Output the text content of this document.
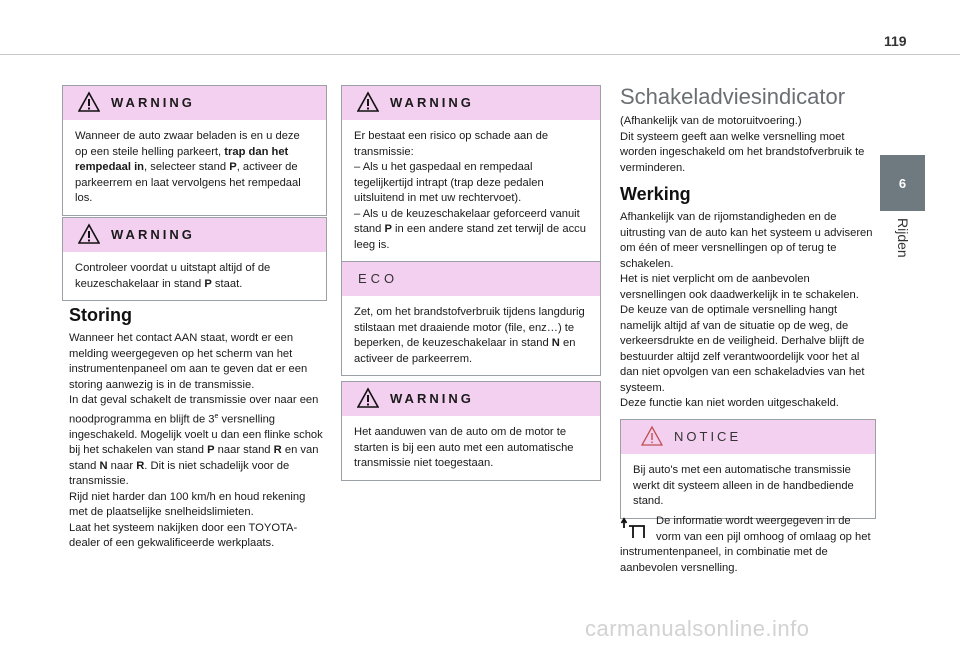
119
6
Rijden
WARNING
Wanneer de auto zwaar beladen is en u deze op een steile helling parkeert, trap dan het rempedaal in, selecteer stand P, activeer de parkeerrem en laat vervolgens het rempedaal los.
WARNING
Controleer voordat u uitstapt altijd of de keuzeschakelaar in stand P staat.
Storing

Wanneer het contact AAN staat, wordt er een melding weergegeven op het scherm van het instrumentenpaneel om aan te geven dat er een storing aanwezig is in de transmissie.

In dat geval schakelt de transmissie over naar een noodprogramma en blijft de 3e versnelling ingeschakeld. Mogelijk voelt u dan een flinke schok bij het schakelen van stand P naar stand R en van stand N naar R. Dit is niet schadelijk voor de transmissie.

Rijd niet harder dan 100 km/h en houd rekening met de plaatselijke snelheidslimieten.

Laat het systeem nakijken door een TOYOTA-dealer of een gekwalificeerde werkplaats.

WARNING

Er bestaat een risico op schade aan de transmissie:

– Als u het gaspedaal en rempedaal tegelijkertijd intrapt (trap deze pedalen uitsluitend in met uw rechtervoet).

– Als u de keuzeschakelaar geforceerd vanuit stand P in een andere stand zet terwijl de accu leeg is.

ECO
Zet, om het brandstofverbruik tijdens langdurig stilstaan met draaiende motor (file, enz…) te beperken, de keuzeschakelaar in stand N en activeer de parkeerrem.
WARNING
Het aanduwen van de auto om de motor te starten is bij een auto met een automatische transmissie niet toegestaan.
Schakeladviesindicator

(Afhankelijk van de motoruitvoering.)

Dit systeem geeft aan welke versnelling moet worden ingeschakeld om het brandstofverbruik te verminderen.

Werking

Afhankelijk van de rijomstandigheden en de uitrusting van de auto kan het systeem u adviseren om één of meer versnellingen op of terug te schakelen.

Het is niet verplicht om de aanbevolen versnellingen ook daadwerkelijk in te schakelen.

De keuze van de optimale versnelling hangt namelijk altijd af van de situatie op de weg, de verkeersdrukte en de veiligheid. Derhalve blijft de bestuurder altijd zelf verantwoordelijk voor het al dan niet opvolgen van een schakeladvies van het systeem.

Deze functie kan niet worden uitgeschakeld.

NOTICE
Bij auto's met een automatische transmissie werkt dit systeem alleen in de handbediende stand.
De informatie wordt weergegeven in de vorm van een pijl omhoog of omlaag op het instrumentenpaneel, in combinatie met de aanbevolen versnelling.
carmanualsonline.info
